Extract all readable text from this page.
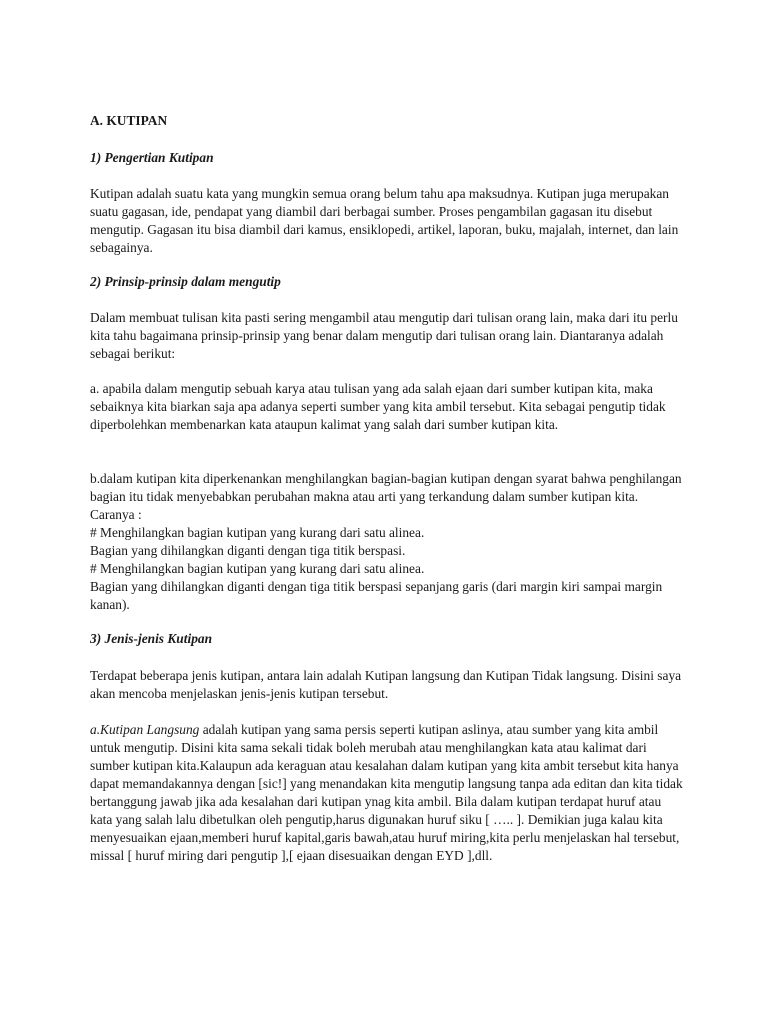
A. KUTIPAN
1) Pengertian Kutipan

Kutipan adalah suatu kata yang mungkin semua orang belum tahu apa maksudnya. Kutipan juga merupakan suatu gagasan, ide, pendapat yang diambil dari berbagai sumber. Proses pengambilan gagasan itu disebut mengutip. Gagasan itu bisa diambil dari kamus, ensiklopedi, artikel, laporan, buku, majalah, internet, dan lain sebagainya.

2) Prinsip-prinsip dalam mengutip

Dalam membuat tulisan kita pasti sering mengambil atau mengutip dari tulisan orang lain, maka dari itu perlu kita tahu bagaimana prinsip-prinsip yang benar dalam mengutip dari tulisan orang lain. Diantaranya adalah sebagai berikut:

a. apabila dalam mengutip sebuah karya atau tulisan yang ada salah ejaan dari sumber kutipan kita, maka sebaiknya kita biarkan saja apa adanya seperti sumber yang kita ambil tersebut. Kita sebagai pengutip tidak diperbolehkan membenarkan kata ataupun kalimat yang salah dari sumber kutipan kita.

b.dalam kutipan kita diperkenankan menghilangkan bagian-bagian kutipan dengan syarat bahwa penghilangan bagian itu tidak menyebabkan perubahan makna atau arti yang terkandung dalam sumber kutipan kita. Caranya :
# Menghilangkan bagian kutipan yang kurang dari satu alinea.
Bagian yang dihilangkan diganti dengan tiga titik berspasi.
# Menghilangkan bagian kutipan yang kurang dari satu alinea.
Bagian yang dihilangkan diganti dengan tiga titik berspasi sepanjang garis (dari margin kiri sampai margin kanan).
3) Jenis-jenis Kutipan

Terdapat beberapa jenis kutipan, antara lain adalah Kutipan langsung dan Kutipan Tidak langsung. Disini saya akan mencoba menjelaskan jenis-jenis kutipan tersebut.

a.Kutipan Langsung adalah kutipan yang sama persis seperti kutipan aslinya, atau sumber yang kita ambil untuk mengutip. Disini kita sama sekali tidak boleh merubah atau menghilangkan kata atau kalimat dari sumber kutipan kita.Kalaupun ada keraguan atau kesalahan dalam kutipan yang kita ambit tersebut kita hanya dapat memandakannya dengan [sic!] yang menandakan kita mengutip langsung tanpa ada editan dan kita tidak bertanggung jawab jika ada kesalahan dari kutipan ynag kita ambil. Bila dalam kutipan terdapat huruf atau kata yang salah lalu dibetulkan oleh pengutip,harus digunakan huruf siku [ ….. ]. Demikian juga kalau kita menyesuaikan ejaan,memberi huruf kapital,garis bawah,atau huruf miring,kita perlu menjelaskan hal tersebut, missal [ huruf miring dari pengutip ],[ ejaan disesuaikan dengan EYD ],dll.
